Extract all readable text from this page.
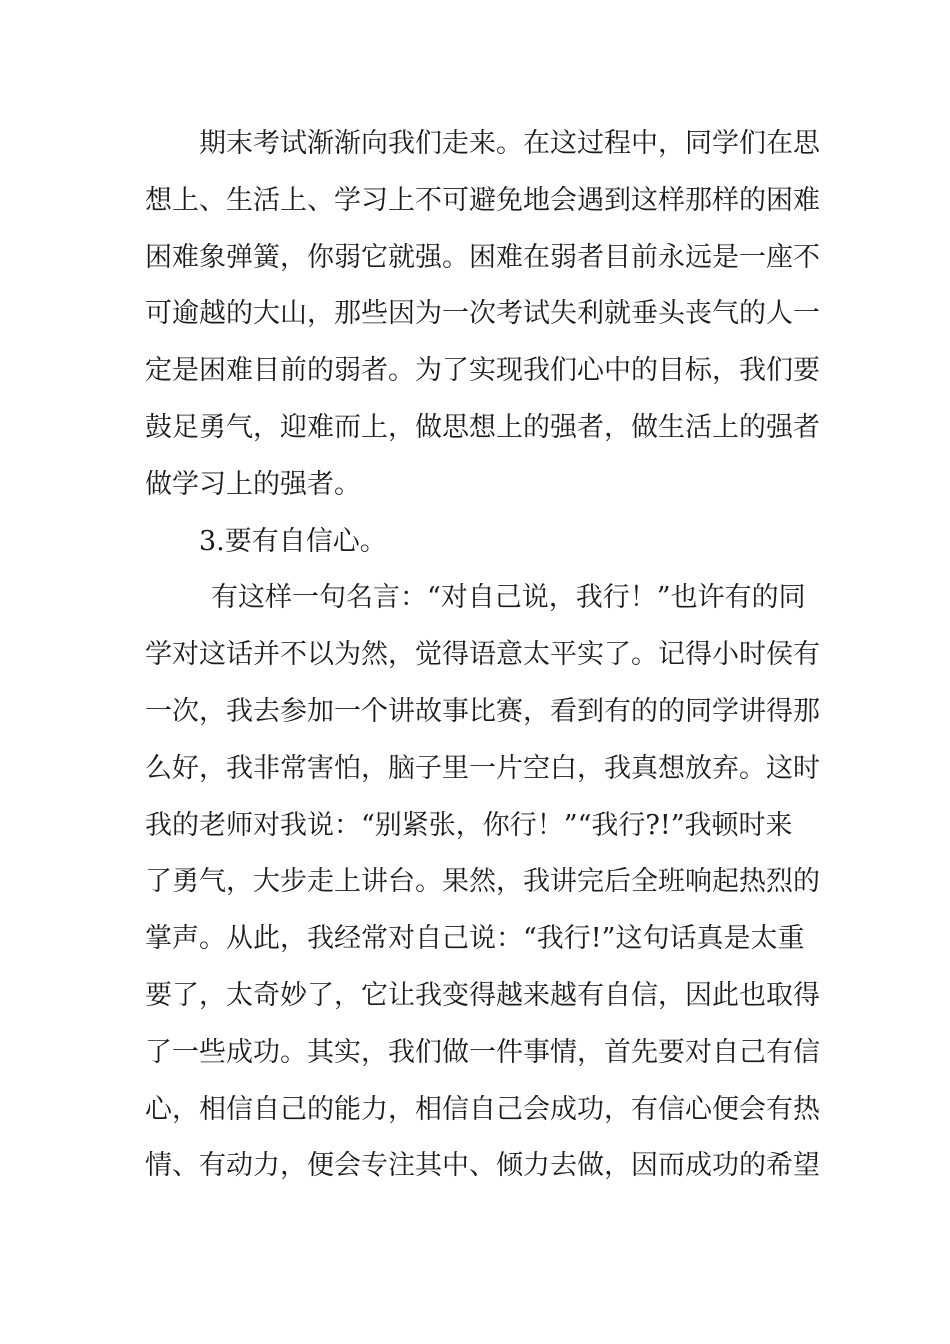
期末考试渐渐向我们走来。在这过程中，同学们在思
想上、生活上、学习上不可避免地会遇到这样那样的困难
困难象弹簧，你弱它就强。困难在弱者目前永远是一座不
可逾越的大山，那些因为一次考试失利就垂头丧气的人一
定是困难目前的弱者。为了实现我们心中的目标，我们要
鼓足勇气，迎难而上，做思想上的强者，做生活上的强者
做学习上的强者。
3.要有自信心。
有这样一句名言：“对自己说，我行！”也许有的同
学对这话并不以为然，觉得语意太平实了。记得小时侯有
一次，我去参加一个讲故事比赛，看到有的的同学讲得那
么好，我非常害怕，脑子里一片空白，我真想放弃。这时
我的老师对我说：“别紧张，你行！”“我行?!”我顿时来
了勇气，大步走上讲台。果然，我讲完后全班响起热烈的
掌声。从此，我经常对自己说：“我行!”这句话真是太重
要了，太奇妙了，它让我变得越来越有自信，因此也取得
了一些成功。其实，我们做一件事情，首先要对自己有信
心，相信自己的能力，相信自己会成功，有信心便会有热
情、有动力，便会专注其中、倾力去做，因而成功的希望
